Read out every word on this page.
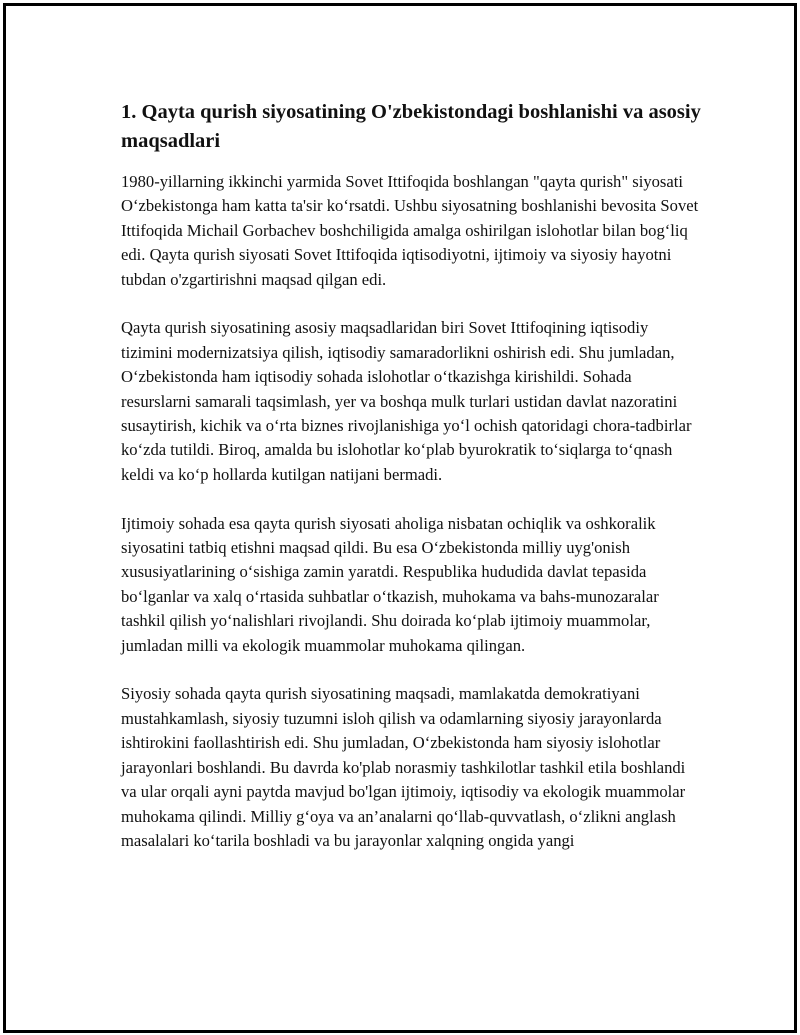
1. Qayta qurish siyosatining O'zbekistondagi boshlanishi va asosiy maqsadlari

1980-yillarning ikkinchi yarmida Sovet Ittifoqida boshlangan "qayta qurish" siyosati O‘zbekistonga ham katta ta'sir ko‘rsatdi. Ushbu siyosatning boshlanishi bevosita Sovet Ittifoqida Michail Gorbachev boshchiligida amalga oshirilgan islohotlar bilan bog‘liq edi. Qayta qurish siyosati Sovet Ittifoqida iqtisodiyotni, ijtimoiy va siyosiy hayotni tubdan o'zgartirishni maqsad qilgan edi.

Qayta qurish siyosatining asosiy maqsadlaridan biri Sovet Ittifoqining iqtisodiy tizimini modernizatsiya qilish, iqtisodiy samaradorlikni oshirish edi. Shu jumladan, O‘zbekistonda ham iqtisodiy sohada islohotlar o‘tkazishga kirishildi. Sohada resurslarni samarali taqsimlash, yer va boshqa mulk turlari ustidan davlat nazoratini susaytirish, kichik va o‘rta biznes rivojlanishiga yo‘l ochish qatoridagi chora-tadbirlar ko‘zda tutildi. Biroq, amalda bu islohotlar ko‘plab byurokratik to‘siqlarga to‘qnash keldi va ko‘p hollarda kutilgan natijani bermadi.

Ijtimoiy sohada esa qayta qurish siyosati aholiga nisbatan ochiqlik va oshkoralik siyosatini tatbiq etishni maqsad qildi. Bu esa O‘zbekistonda milliy uyg'onish xususiyatlarining o‘sishiga zamin yaratdi. Respublika hududida davlat tepasida bo‘lganlar va xalq o‘rtasida suhbatlar o‘tkazish, muhokama va bahs-munozaralar tashkil qilish yo‘nalishlari rivojlandi. Shu doirada ko‘plab ijtimoiy muammolar, jumladan milli va ekologik muammolar muhokama qilingan.

Siyosiy sohada qayta qurish siyosatining maqsadi, mamlakatda demokratiyani mustahkamlash, siyosiy tuzumni isloh qilish va odamlarning siyosiy jarayonlarda ishtirokini faollashtirish edi. Shu jumladan, O‘zbekistonda ham siyosiy islohotlar jarayonlari boshlandi. Bu davrda ko'plab norasmiy tashkilotlar tashkil etila boshlandi va ular orqali ayni paytda mavjud bo'lgan ijtimoiy, iqtisodiy va ekologik muammolar muhokama qilindi. Milliy g‘oya va an’analarni qo‘llab-quvvatlash, o‘zlikni anglash masalalari ko‘tarila boshladi va bu jarayonlar xalqning ongida yangi
